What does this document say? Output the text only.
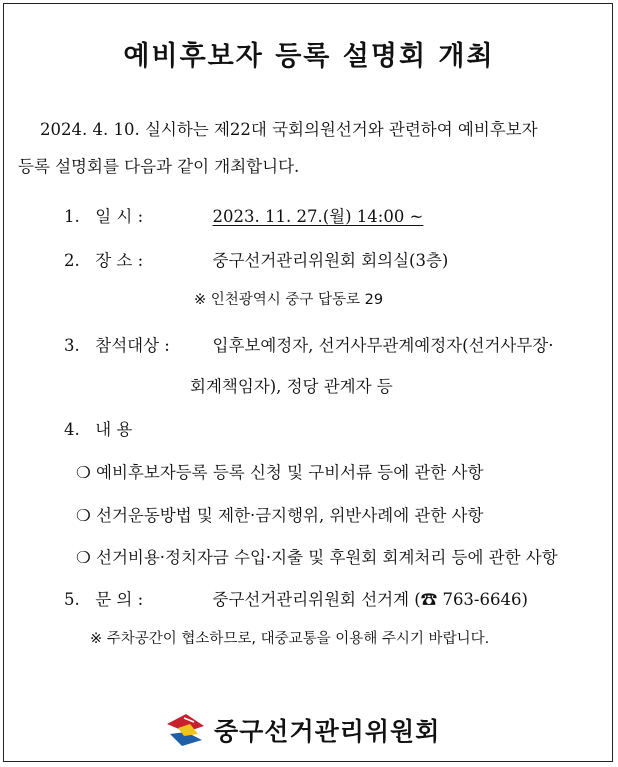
예비후보자 등록 설명회 개최
2024. 4. 10. 실시하는 제22대 국회의원선거와 관련하여 예비후보자
등록 설명회를 다음과 같이 개최합니다.
1. 일 시 :	2023. 11. 27.(월) 14:00 ~
2. 장 소 :	중구선거관리위원회 회의실(3층)
※ 인천광역시 중구 답동로 29
3. 참석대상 :	입후보예정자, 선거사무관계예정자(선거사무장·
회계책임자), 정당 관계자 등
4. 내 용
❍ 예비후보자등록 등록 신청 및 구비서류 등에 관한 사항
❍ 선거운동방법 및 제한·금지행위, 위반사례에 관한 사항
❍ 선거비용·정치자금 수입·지출 및 후원회 회계처리 등에 관한 사항
5. 문 의 :	중구선거관리위원회 선거계 (☎ 763-6646)
※ 주차공간이 협소하므로, 대중교통을 이용해 주시기 바랍니다.
중구선거관리위원회
